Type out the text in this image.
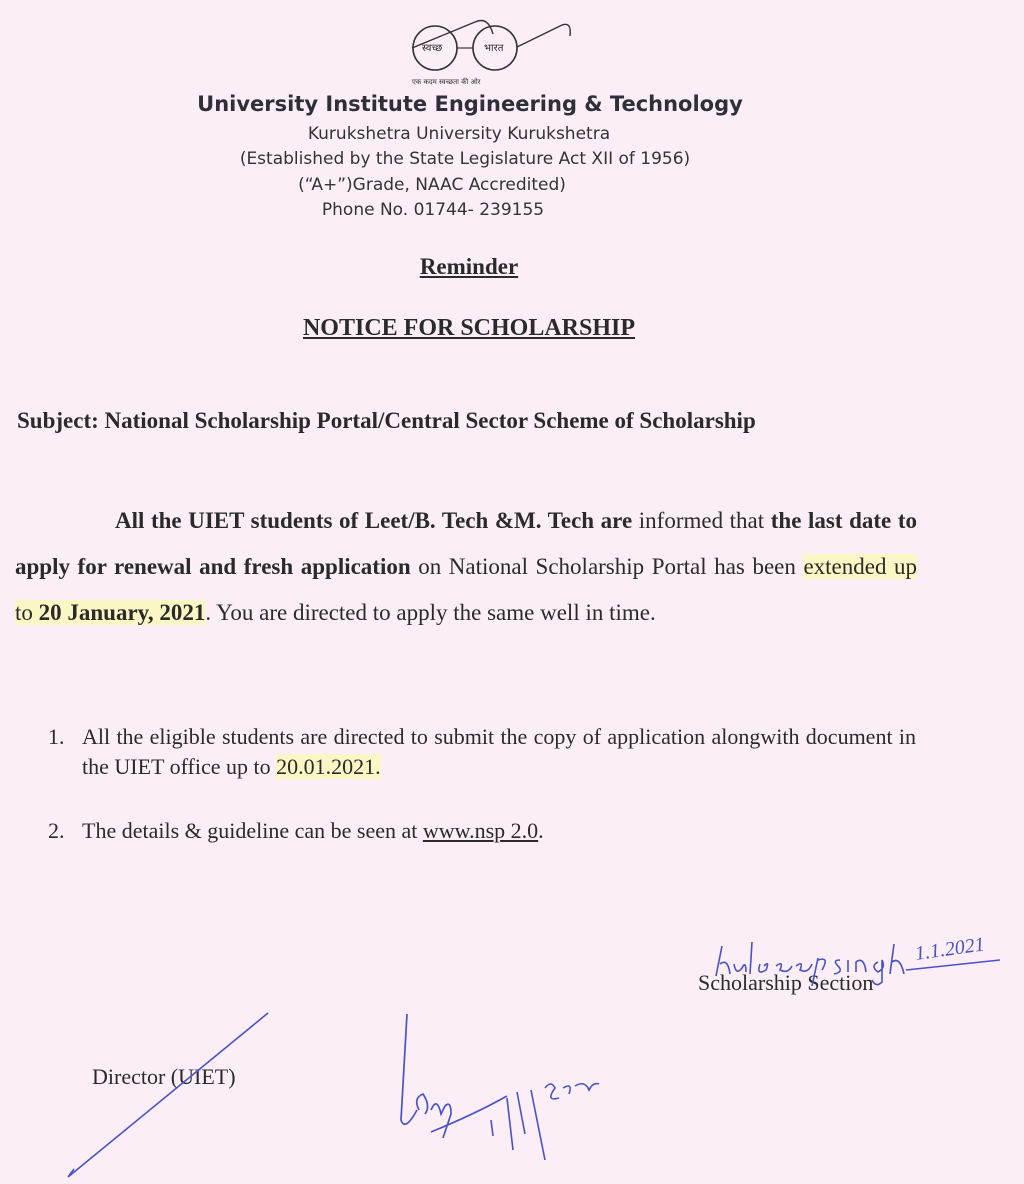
स्वच्छ	भारत
एक कदम स्वच्छता की ओर
University Institute Engineering & Technology
Kurukshetra University Kurukshetra
(Established by the State Legislature Act XII of 1956)
(“A+”)Grade, NAAC Accredited)
Phone No. 01744- 239155
Reminder
NOTICE FOR SCHOLARSHIP
Subject: National Scholarship Portal/Central Sector Scheme of Scholarship
All the UIET students of Leet/B. Tech &M. Tech are informed that the last date to apply for renewal and fresh application on National Scholarship Portal has been extended up to 20 January, 2021. You are directed to apply the same well in time.
1. All the eligible students are directed to submit the copy of application alongwith document in the UIET office up to 20.01.2021.
2. The details & guideline can be seen at www.nsp 2.0.
Scholarship Section
Kuldeep Singh
1.1.2021
Director (UIET)
1/1/2021
